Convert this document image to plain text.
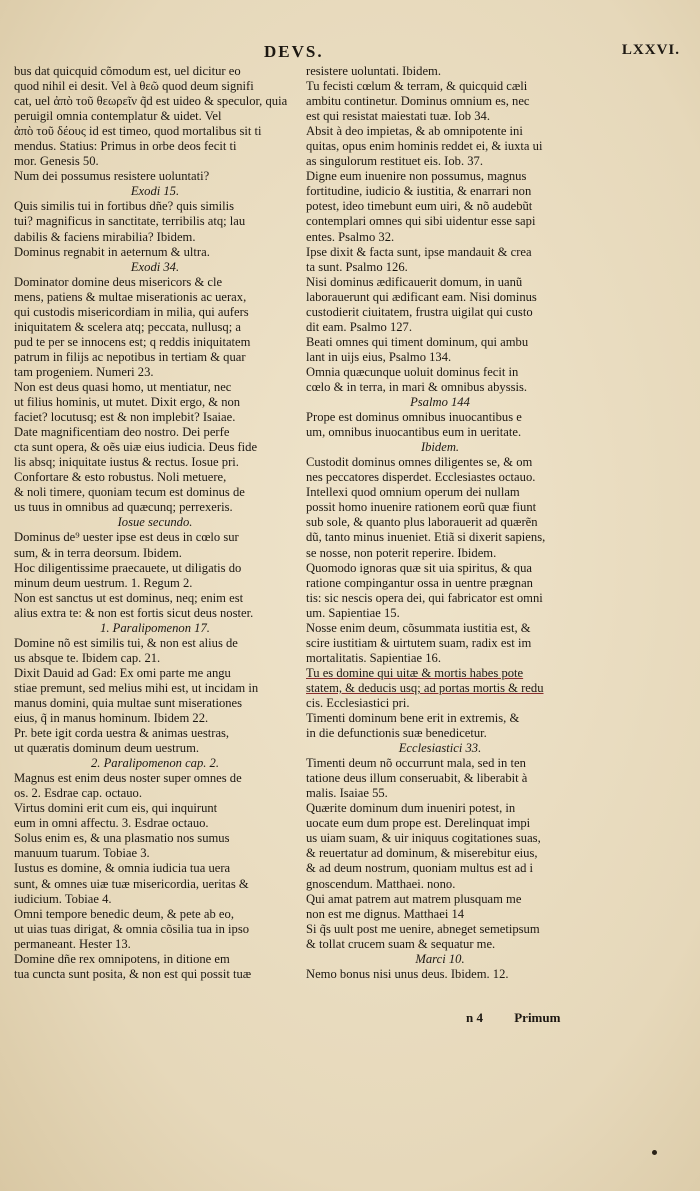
DEVS.	LXXVI.
bus dat quicquid cõmodum est, uel dicitur eo
quod nihil ei desit. Vel à θεῶ quod deum signifi
cat, uel ἀπὸ τοῦ θεωρεῖν q̃d est uideo & speculor, quia
peruigil omnia contemplatur & uidet. Vel
ἀπὸ τοῦ δέους id est timeo, quod mortalibus sit ti
mendus. Statius: Primus in orbe deos fecit ti
mor. Genesis 50.
Num dei possumus resistere uoluntati?
Exodi 15.
Quis similis tui in fortibus dñe? quis similis
tui? magnificus in sanctitate, terribilis atq; lau
dabilis & faciens mirabilia? Ibidem.
Dominus regnabit in aeternum & ultra.
Exodi 34.
Dominator domine deus misericors & cle
mens, patiens & multae miserationis ac uerax,
qui custodis misericordiam in milia, qui aufers
iniquitatem & scelera atq; peccata, nullusq; a
pud te per se innocens est; q reddis iniquitatem
patrum in filijs ac nepotibus in tertiam & quar
tam progeniem. Numeri 23.
Non est deus quasi homo, ut mentiatur, nec
ut filius hominis, ut mutet. Dixit ergo, & non
faciet? locutusq; est & non implebit? Isaiae.
Date magnificentiam deo nostro. Dei perfe
cta sunt opera, & oẽs uiæ eius iudicia. Deus fide
lis absq; iniquitate iustus & rectus. Iosue pri.
Confortare & esto robustus. Noli metuere,
& noli timere, quoniam tecum est dominus de
us tuus in omnibus ad quæcunq; perrexeris.
Iosue secundo.
Dominus de⁹ uester ipse est deus in cœlo sur
sum, & in terra deorsum. Ibidem.
Hoc diligentissime praecauete, ut diligatis do
minum deum uestrum. 1. Regum 2.
Non est sanctus ut est dominus, neq; enim est
alius extra te: & non est fortis sicut deus noster.
1. Paralipomenon 17.
Domine nõ est similis tui, & non est alius de
us absque te. Ibidem cap. 21.
Dixit Dauid ad Gad: Ex omi parte me angu
stiae premunt, sed melius mihi est, ut incidam in
manus domini, quia multae sunt miserationes
eius, q̃ in manus hominum. Ibidem 22.
Pr. bete igit corda uestra & animas uestras,
ut quæratis dominum deum uestrum.
2. Paralipomenon cap. 2.
Magnus est enim deus noster super omnes de
os. 2. Esdrae cap. octauo.
Virtus domini erit cum eis, qui inquirunt
eum in omni affectu. 3. Esdrae octauo.
Solus enim es, & una plasmatio nos sumus
manuum tuarum. Tobiae 3.
Iustus es domine, & omnia iudicia tua uera
sunt, & omnes uiæ tuæ misericordia, ueritas &
iudicium. Tobiae 4.
Omni tempore benedic deum, & pete ab eo,
ut uias tuas dirigat, & omnia cõsilia tua in ipso
permaneant. Hester 13.
Domine dñe rex omnipotens, in ditione em
tua cuncta sunt posita, & non est qui possit tuæ
resistere uoluntati. Ibidem.
Tu fecisti cœlum & terram, & quicquid cæli
ambitu continetur. Dominus omnium es, nec
est qui resistat maiestati tuæ. Iob 34.
Absit à deo impietas, & ab omnipotente ini
quitas, opus enim hominis reddet ei, & iuxta ui
as singulorum restituet eis. Iob. 37.
Digne eum inuenire non possumus, magnus
fortitudine, iudicio & iustitia, & enarrari non
potest, ideo timebunt eum uiri, & nõ audebũt
contemplari omnes qui sibi uidentur esse sapi
entes. Psalmo 32.
Ipse dixit & facta sunt, ipse mandauit & crea
ta sunt. Psalmo 126.
Nisi dominus ædificauerit domum, in uanũ
laborauerunt qui ædificant eam. Nisi dominus
custodierit ciuitatem, frustra uigilat qui custo
dit eam. Psalmo 127.
Beati omnes qui timent dominum, qui ambu
lant in uijs eius, Psalmo 134.
Omnia quæcunque uoluit dominus fecit in
cœlo & in terra, in mari & omnibus abyssis.
Psalmo 144
Prope est dominus omnibus inuocantibus e
um, omnibus inuocantibus eum in ueritate.
Ibidem.
Custodit dominus omnes diligentes se, & om
nes peccatores disperdet. Ecclesiastes octauo.
Intellexi quod omnium operum dei nullam
possit homo inuenire rationem eorũ quæ fiunt
sub sole, & quanto plus laborauerit ad quærẽn
dũ, tanto minus inueniet. Etiã si dixerit sapiens,
se nosse, non poterit reperire. Ibidem.
Quomodo ignoras quæ sit uia spiritus, & qua
ratione compingantur ossa in uentre prægnan
tis: sic nescis opera dei, qui fabricator est omni
um. Sapientiae 15.
Nosse enim deum, cõsummata iustitia est, &
scire iustitiam & uirtutem suam, radix est im
mortalitatis. Sapientiae 16.
Tu es domine qui uitæ & mortis habes pote
statem, & deducis usq; ad portas mortis & redu
cis. Ecclesiastici pri.
Timenti dominum bene erit in extremis, &
in die defunctionis suæ benedicetur.
Ecclesiastici 33.
Timenti deum nõ occurrunt mala, sed in ten
tatione deus illum conseruabit, & liberabit à
malis. Isaiae 55.
Quærite dominum dum inueniri potest, in
uocate eum dum prope est. Derelinquat impi
us uiam suam, & uir iniquus cogitationes suas,
& reuertatur ad dominum, & miserebitur eius,
& ad deum nostrum, quoniam multus est ad i
gnoscendum. Matthaei. nono.
Qui amat patrem aut matrem plusquam me
non est me dignus. Matthaei 14
Si q̃s uult post me uenire, abneget semetipsum
& tollat crucem suam & sequatur me.
Marci 10.
Nemo bonus nisi unus deus. Ibidem. 12.
n 4 Primum
